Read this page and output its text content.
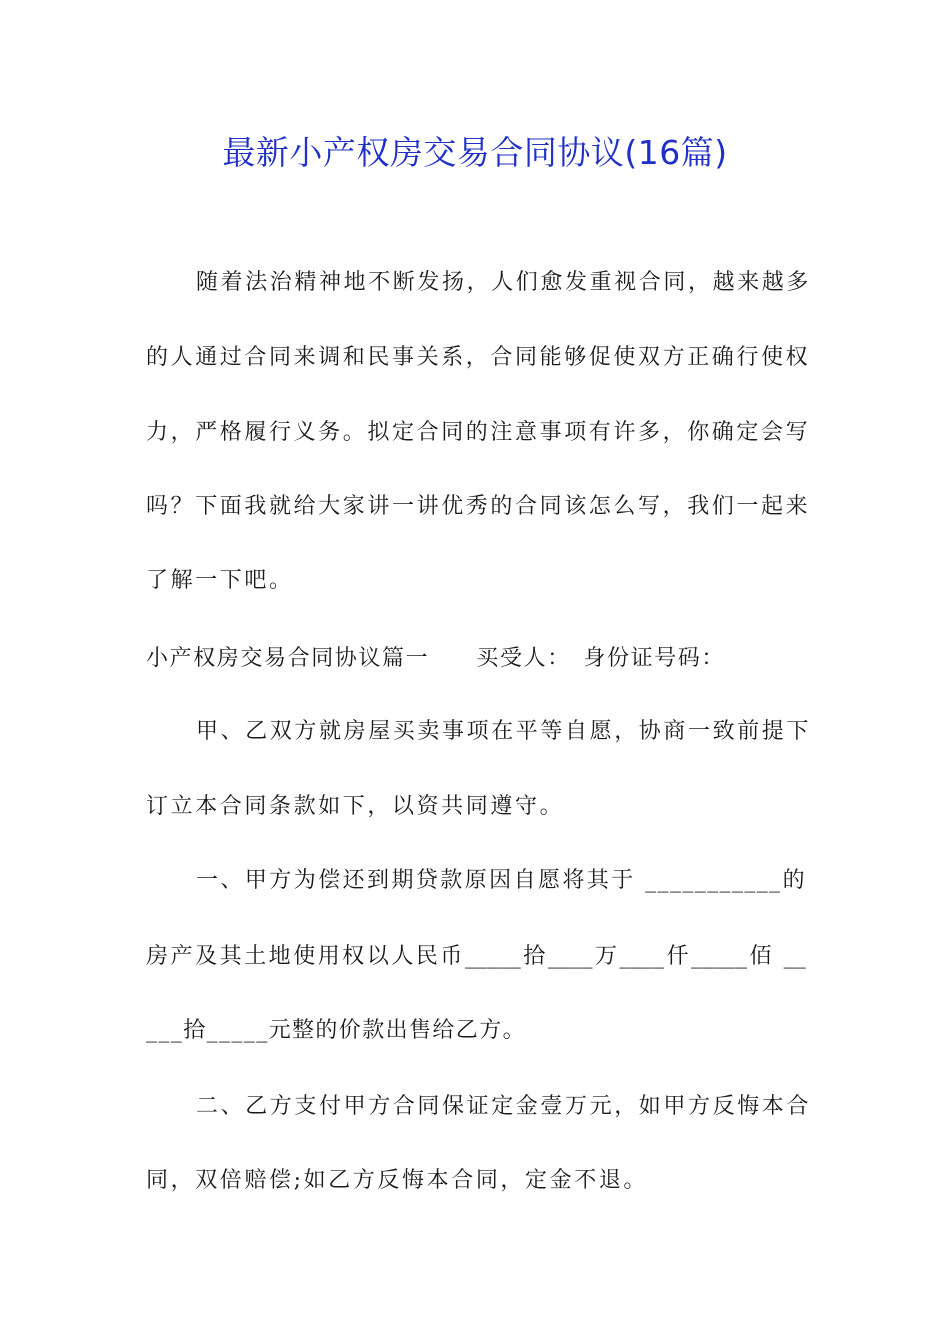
最新小产权房交易合同协议(16篇)
随着法治精神地不断发扬，人们愈发重视合同，越来越多
的人通过合同来调和民事关系，合同能够促使双方正确行使权
力，严格履行义务。拟定合同的注意事项有许多，你确定会写
吗？下面我就给大家讲一讲优秀的合同该怎么写，我们一起来
了解一下吧。
小产权房交易合同协议篇一　　买受人：　身份证号码：
甲、乙双方就房屋买卖事项在平等自愿，协商一致前提下
订立本合同条款如下，以资共同遵守。
一、甲方为偿还到期贷款原因自愿将其于 ___________的
房产及其土地使用权以人民币_____拾____万____仟_____佰 __
___拾_____元整的价款出售给乙方。
二、乙方支付甲方合同保证定金壹万元，如甲方反悔本合
同，双倍赔偿;如乙方反悔本合同，定金不退。
